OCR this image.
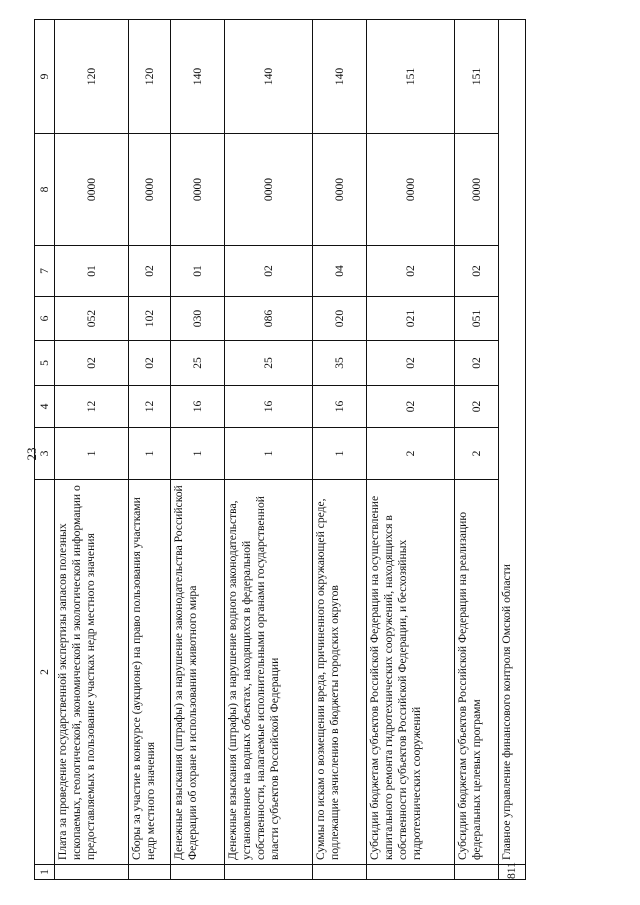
23
1	2	3	4	5	6	7	8	9
	Плата за проведение государственной экспертизы запасов полезных ископаемых, геологической, экономической и экологической информации о предоставляемых в пользование участках недр местного значения	1	12	02	052	01	0000	120
	Сборы за участие в конкурсе (аукционе) на право пользования участками недр местного значения	1	12	02	102	02	0000	120
	Денежные взыскания (штрафы) за нарушение законодательства Российской Федерации об охране и использовании животного мира	1	16	25	030	01	0000	140
	Денежные взыскания (штрафы) за нарушение водного законодательства, установленное на водных объектах, находящихся в федеральной собственности, налагаемые исполнительными органами государственной власти субъектов Российской Федерации	1	16	25	086	02	0000	140
	Суммы по искам о возмещении вреда, причиненного окружающей среде, подлежащие зачислению в бюджеты городских округов	1	16	35	020	04	0000	140
	Субсидии бюджетам субъектов Российской Федерации на осуществление капитального ремонта гидротехнических сооружений, находящихся в собственности субъектов Российской Федерации, и бесхозяйных гидротехнических сооружений	2	02	02	021	02	0000	151
	Субсидии бюджетам субъектов Российской Федерации на реализацию федеральных целевых программ	2	02	02	051	02	0000	151
811	Главное управление финансового контроля Омской области							
